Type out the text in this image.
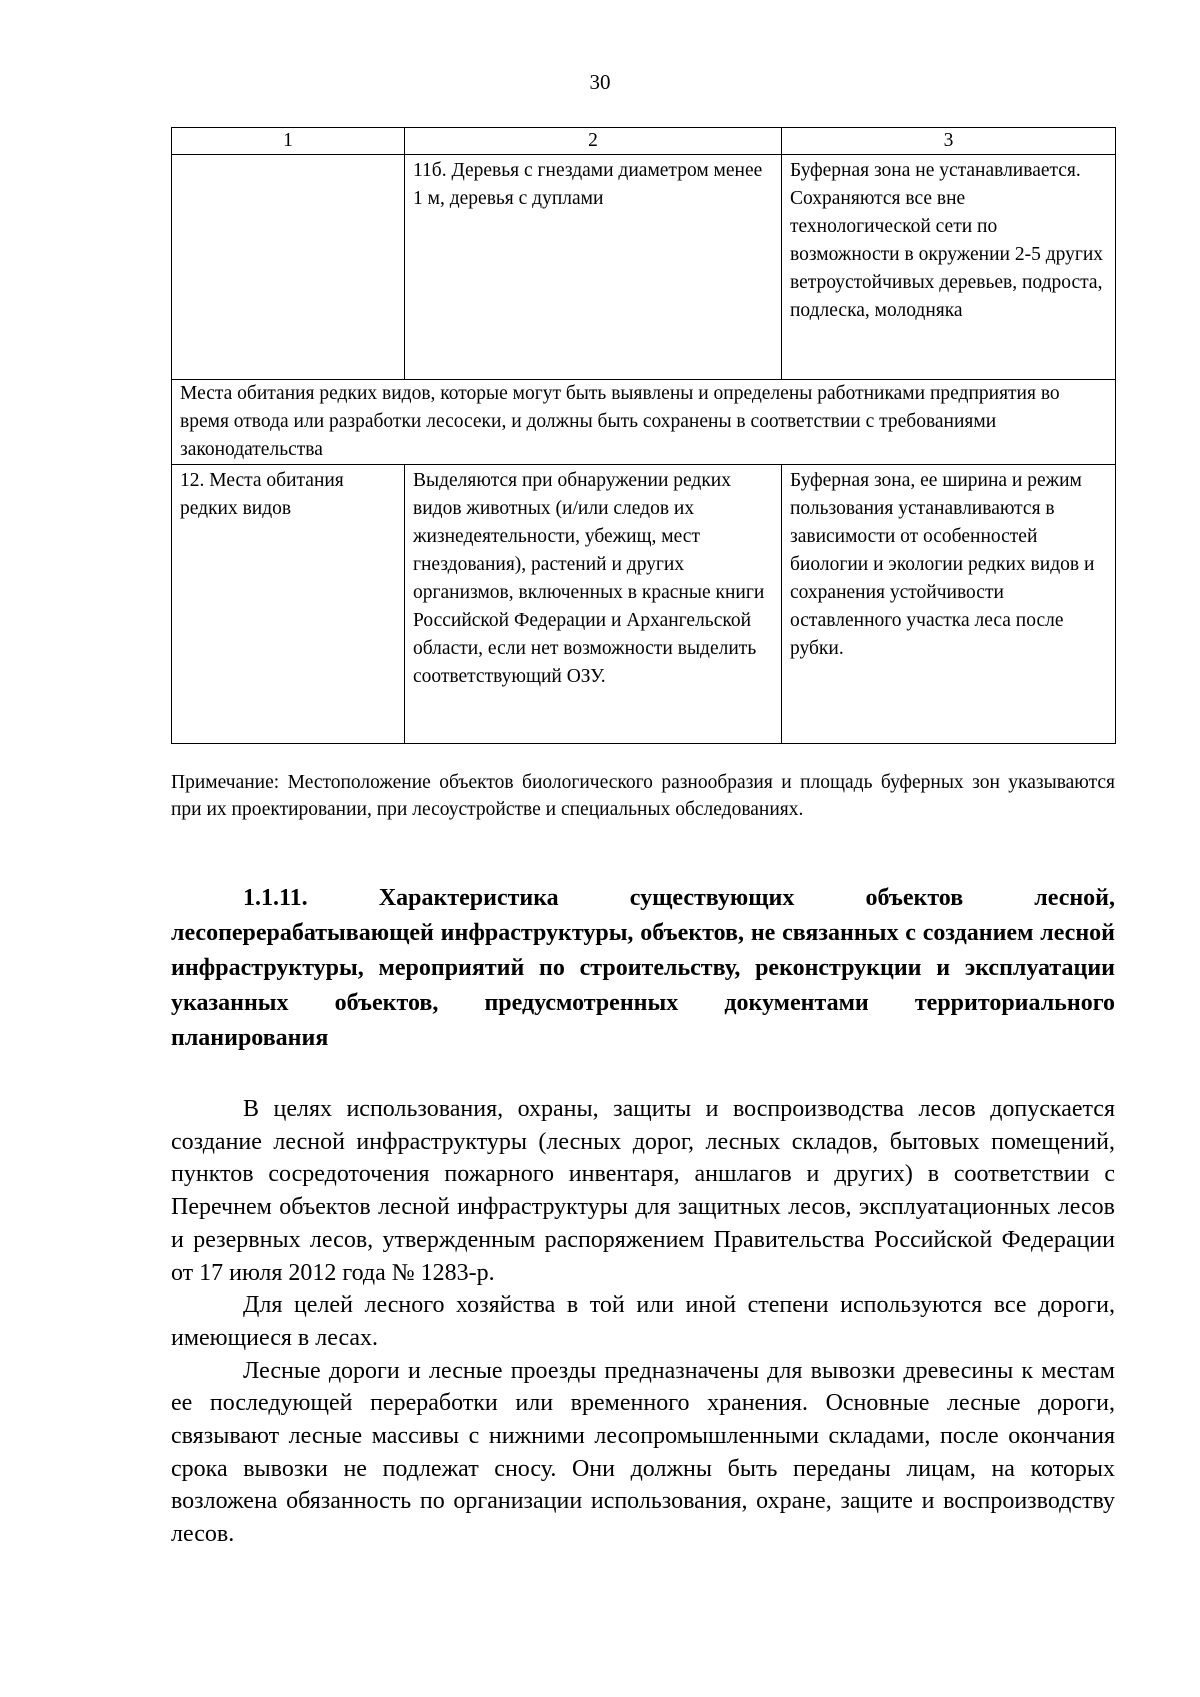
30
1	2	3
	11б. Деревья с гнездами диаметром менее 1 м, деревья с дуплами	Буферная зона не устанавливается. Сохраняются все вне технологической сети по возможности в окружении 2-5 других ветроустойчивых деревьев, подроста, подлеска, молодняка
Места обитания редких видов, которые могут быть выявлены и определены работниками предприятия во время отвода или разработки лесосеки, и должны быть сохранены в соответствии с требованиями законодательства		
12. Места обитания редких видов	Выделяются при обнаружении редких видов животных (и/или следов их жизнедеятельности, убежищ, мест гнездования), растений и других организмов, включенных в красные книги Российской Федерации и Архангельской области, если нет возможности выделить соответствующий ОЗУ.	Буферная зона, ее ширина и режим пользования устанавливаются в зависимости от особенностей биологии и экологии редких видов и сохранения устойчивости оставленного участка леса после рубки.
Примечание: Местоположение объектов биологического разнообразия и площадь буферных зон указываются при их проектировании, при лесоустройстве и специальных обследованиях.
1.1.11.	Характеристика существующих объектов лесной, лесоперерабатывающей инфраструктуры, объектов, не связанных с созданием лесной инфраструктуры, мероприятий по строительству, реконструкции и эксплуатации указанных объектов, предусмотренных документами территориального планирования

В целях использования, охраны, защиты и воспроизводства лесов допускается создание лесной инфраструктуры (лесных дорог, лесных складов, бытовых помещений, пунктов сосредоточения пожарного инвентаря, аншлагов и других) в соответствии с Перечнем объектов лесной инфраструктуры для защитных лесов, эксплуатационных лесов и резервных лесов, утвержденным распоряжением Правительства Российской Федерации от 17 июля 2012 года № 1283-р.

Для целей лесного хозяйства в той или иной степени используются все дороги, имеющиеся в лесах.

Лесные дороги и лесные проезды предназначены для вывозки древесины к местам ее последующей переработки или временного хранения. Основные лесные дороги, связывают лесные массивы с нижними лесопромышленными складами, после окончания срока вывозки не подлежат сносу. Они должны быть переданы лицам, на которых возложена обязанность по организации использования, охране, защите и воспроизводству лесов.
